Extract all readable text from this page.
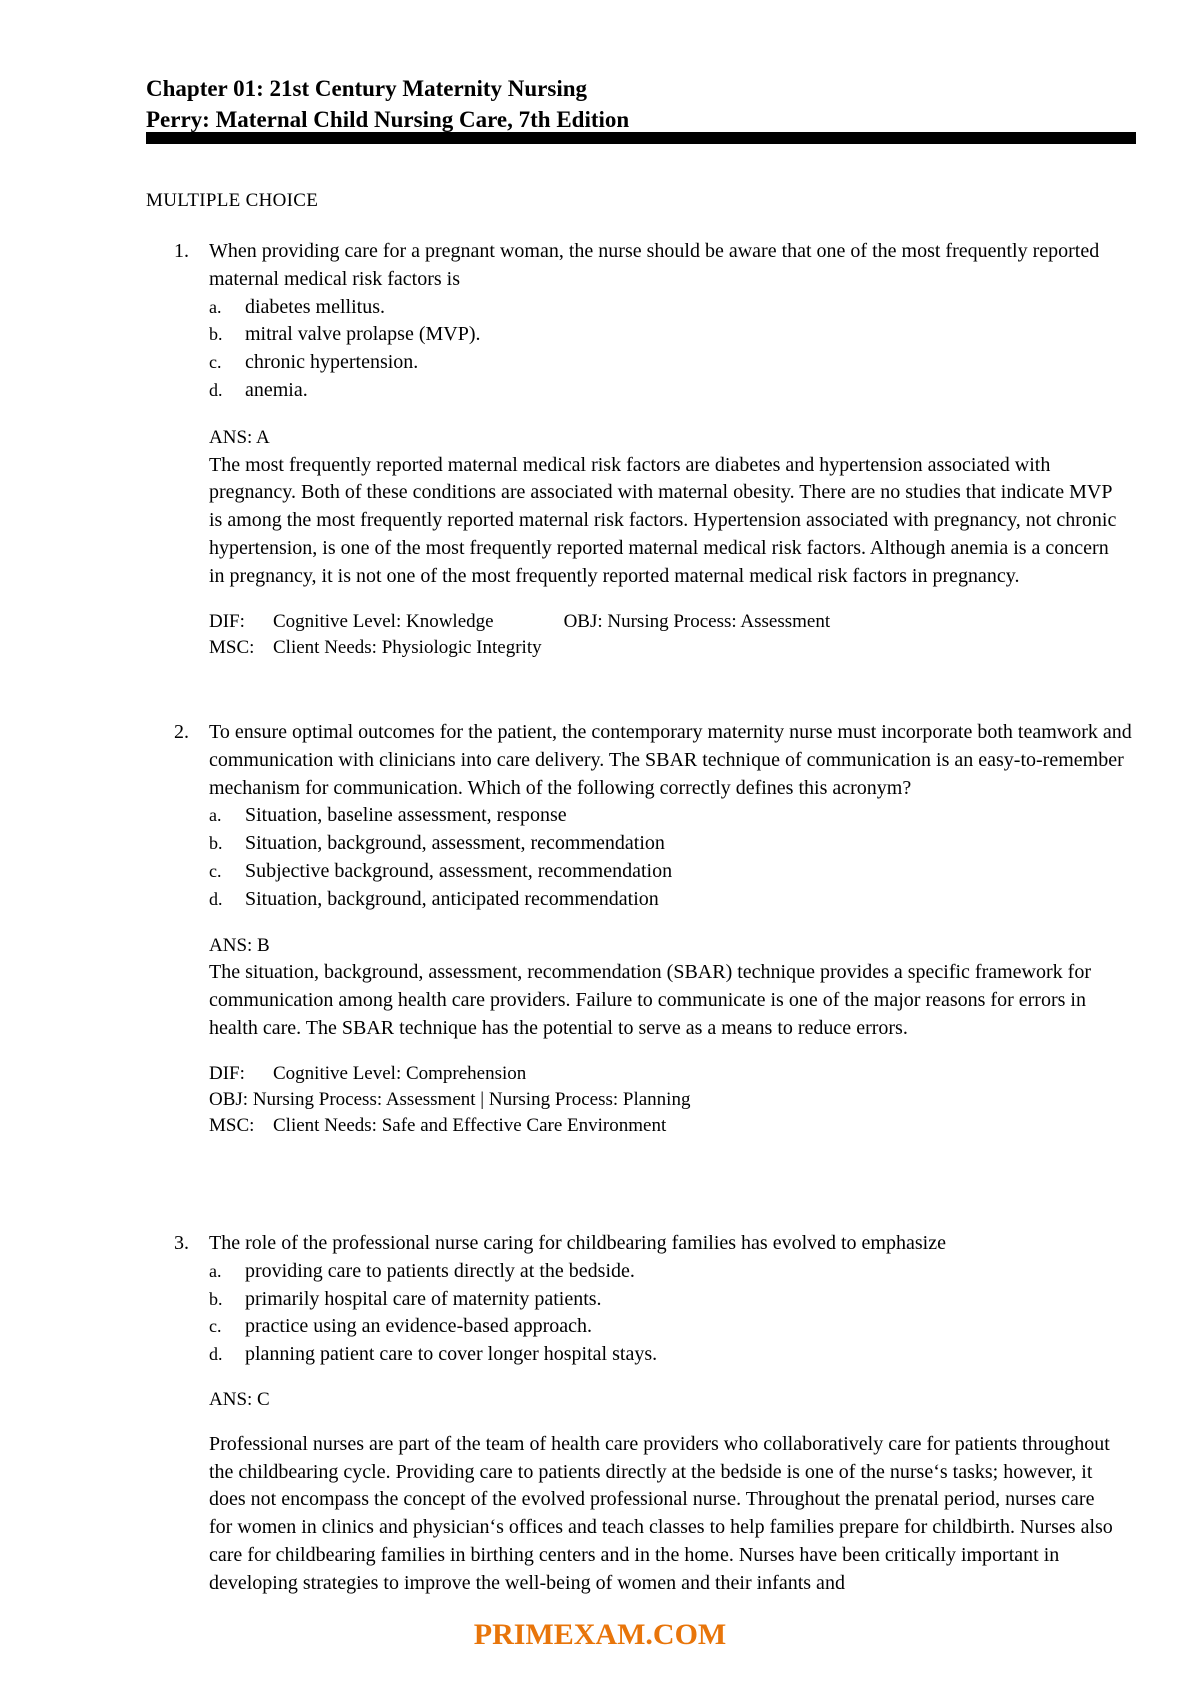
Chapter 01: 21st Century Maternity Nursing
Perry: Maternal Child Nursing Care, 7th Edition
MULTIPLE CHOICE
1. When providing care for a pregnant woman, the nurse should be aware that one of the most frequently reported maternal medical risk factors is
a. diabetes mellitus.
b. mitral valve prolapse (MVP).
c. chronic hypertension.
d. anemia.
ANS: A
The most frequently reported maternal medical risk factors are diabetes and hypertension associated with pregnancy. Both of these conditions are associated with maternal obesity. There are no studies that indicate MVP is among the most frequently reported maternal risk factors. Hypertension associated with pregnancy, not chronic hypertension, is one of the most frequently reported maternal medical risk factors. Although anemia is a concern in pregnancy, it is not one of the most frequently reported maternal medical risk factors in pregnancy.
DIF: Cognitive Level: Knowledge	OBJ: Nursing Process: Assessment
MSC: Client Needs: Physiologic Integrity
2. To ensure optimal outcomes for the patient, the contemporary maternity nurse must incorporate both teamwork and communication with clinicians into care delivery. The SBAR technique of communication is an easy-to-remember mechanism for communication. Which of the following correctly defines this acronym?
a. Situation, baseline assessment, response
b. Situation, background, assessment, recommendation
c. Subjective background, assessment, recommendation
d. Situation, background, anticipated recommendation
ANS: B
The situation, background, assessment, recommendation (SBAR) technique provides a specific framework for communication among health care providers. Failure to communicate is one of the major reasons for errors in health care. The SBAR technique has the potential to serve as a means to reduce errors.
DIF: Cognitive Level: Comprehension
OBJ: Nursing Process: Assessment | Nursing Process: Planning
MSC: Client Needs: Safe and Effective Care Environment
3. The role of the professional nurse caring for childbearing families has evolved to emphasize
a. providing care to patients directly at the bedside.
b. primarily hospital care of maternity patients.
c. practice using an evidence-based approach.
d. planning patient care to cover longer hospital stays.
ANS: C
Professional nurses are part of the team of health care providers who collaboratively care for patients throughout the childbearing cycle. Providing care to patients directly at the bedside is one of the nurse‘s tasks; however, it does not encompass the concept of the evolved professional nurse. Throughout the prenatal period, nurses care for women in clinics and physician‘s offices and teach classes to help families prepare for childbirth. Nurses also care for childbearing families in birthing centers and in the home. Nurses have been critically important in developing strategies to improve the well-being of women and their infants and
PRIMEXAM.COM
